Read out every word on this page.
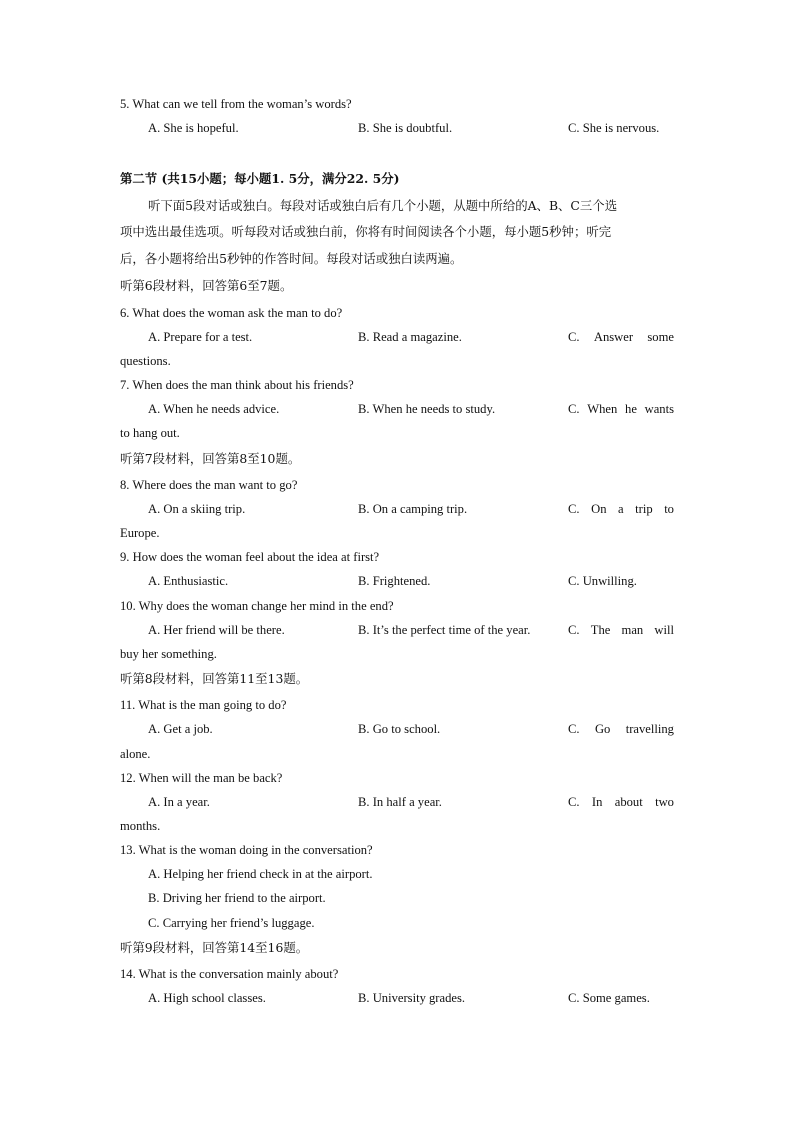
5. What can we tell from the woman’s words?
A. She is hopeful.	B. She is doubtful.	C. She is nervous.
第二节 (共15小题；每小题1. 5分，满分22. 5分)
听下面5段对话或独白。每段对话或独白后有几个小题，从题中所给的A、B、C三个选
项中选出最佳选项。听每段对话或独白前，你将有时间阅读各个小题，每小题5秒钟；听完
后，各小题将给出5秒钟的作答时间。每段对话或独白读两遍。
听第6段材料，回答第6至7题。
6. What does the woman ask the man to do?
A. Prepare for a test.	B. Read a magazine.	C. Answer some
questions.
7. When does the man think about his friends?
A. When he needs advice.	B. When he needs to study.	C. When he wants
to hang out.
听第7段材料，回答第8至10题。
8. Where does the man want to go?
A. On a skiing trip.	B. On a camping trip.	C. On a trip to
Europe.
9. How does the woman feel about the idea at first?
A. Enthusiastic.	B. Frightened.	C. Unwilling.
10. Why does the woman change her mind in the end?
A. Her friend will be there.	B. It’s the perfect time of the year.	C. The man will
buy her something.
听第8段材料，回答第11至13题。
11. What is the man going to do?
A. Get a job.	B. Go to school.	C. Go travelling
alone.
12. When will the man be back?
A. In a year.	B. In half a year.	C. In about two
months.
13. What is the woman doing in the conversation?
A. Helping her friend check in at the airport.
B. Driving her friend to the airport.
C. Carrying her friend’s luggage.
听第9段材料，回答第14至16题。
14. What is the conversation mainly about?
A. High school classes.	B. University grades.	C. Some games.
